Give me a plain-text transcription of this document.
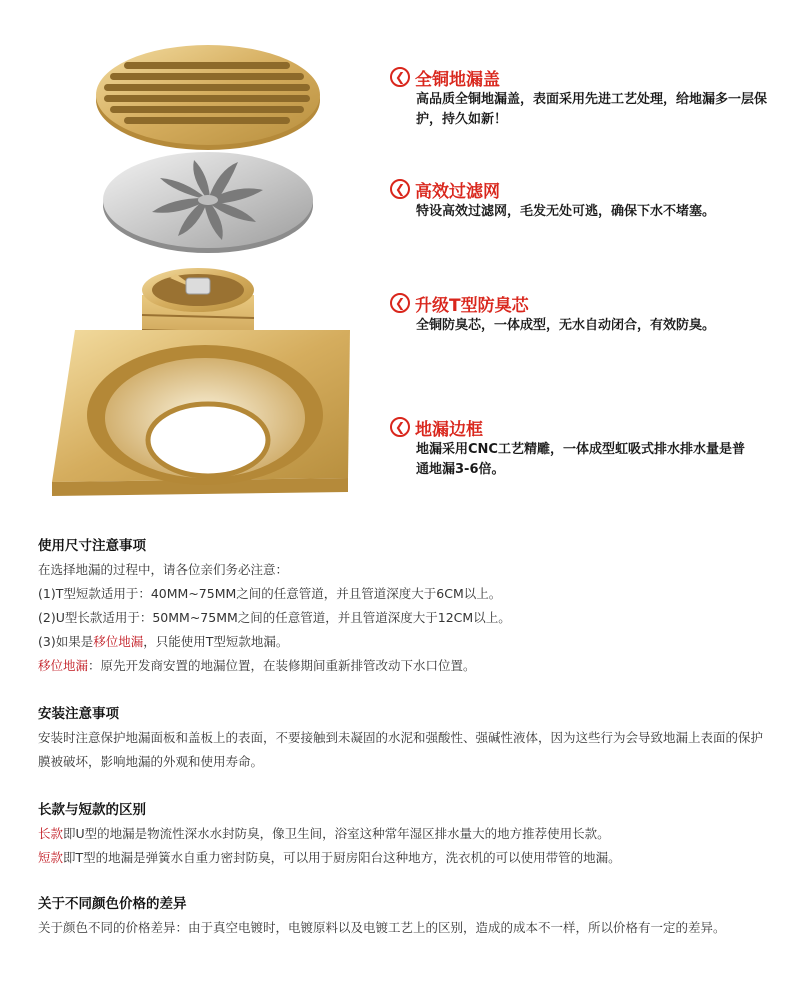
❮ 全铜地漏盖
高品质全铜地漏盖，表面采用先进工艺处理，给地漏多一层保护，持久如新！
❮ 高效过滤网
特设高效过滤网，毛发无处可逃，确保下水不堵塞。
❮ 升级T型防臭芯
全铜防臭芯，一体成型，无水自动闭合，有效防臭。
❮ 地漏边框
地漏采用CNC工艺精雕，一体成型虹吸式排水排水量是普通地漏3-6倍。
使用尺寸注意事项

在选择地漏的过程中，请各位亲们务必注意：

(1)T型短款适用于：40MM~75MM之间的任意管道，并且管道深度大于6CM以上。

(2)U型长款适用于：50MM~75MM之间的任意管道，并且管道深度大于12CM以上。

(3)如果是移位地漏，只能使用T型短款地漏。

移位地漏：原先开发商安置的地漏位置，在装修期间重新排管改动下水口位置。

安装注意事项

安装时注意保护地漏面板和盖板上的表面，不要接触到未凝固的水泥和强酸性、强碱性液体，因为这些行为会导致地漏上表面的保护膜被破坏，影响地漏的外观和使用寿命。

长款与短款的区别

长款即U型的地漏是物流性深水水封防臭，像卫生间，浴室这种常年湿区排水量大的地方推荐使用长款。

短款即T型的地漏是弹簧水自重力密封防臭，可以用于厨房阳台这种地方，洗衣机的可以使用带管的地漏。

关于不同颜色价格的差异

关于颜色不同的价格差异：由于真空电镀时，电镀原料以及电镀工艺上的区别，造成的成本不一样，所以价格有一定的差异。
